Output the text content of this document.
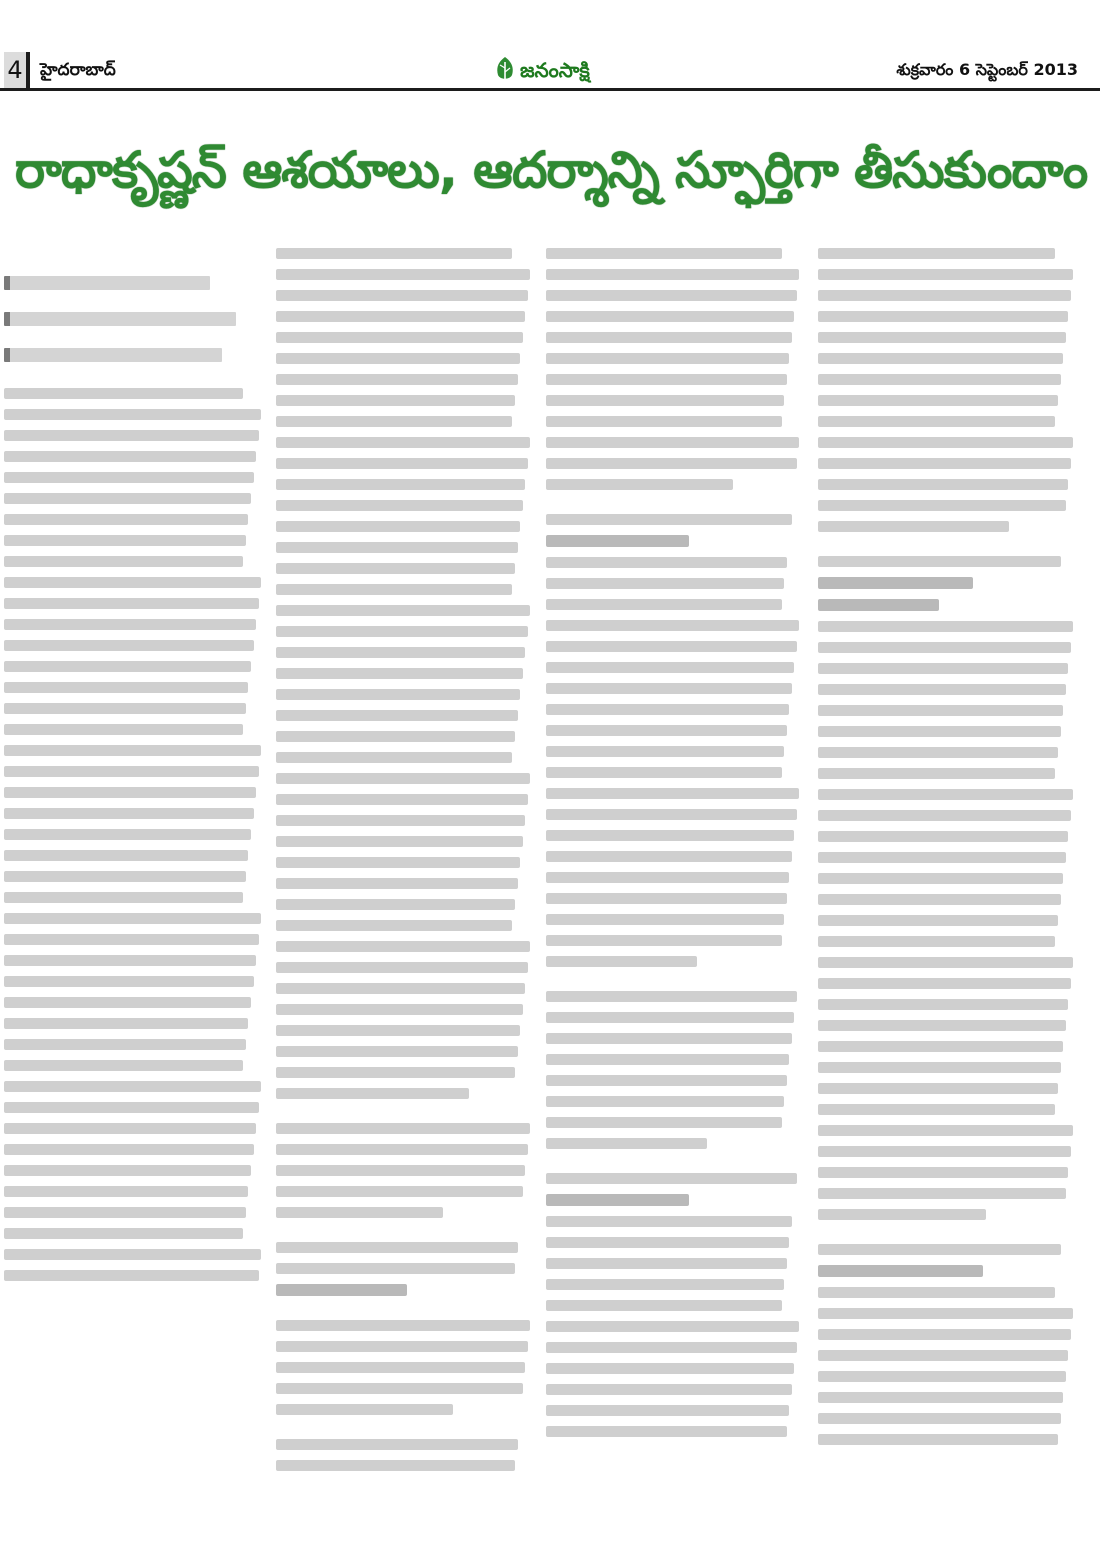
4	హైదరాబాద్	జనంసాక్షి	శుక్రవారం 6 సెప్టెంబర్ 2013
రాధాకృష్ణన్ ఆశయాలు, ఆదర్శాన్ని స్ఫూర్తిగా తీసుకుందాం
